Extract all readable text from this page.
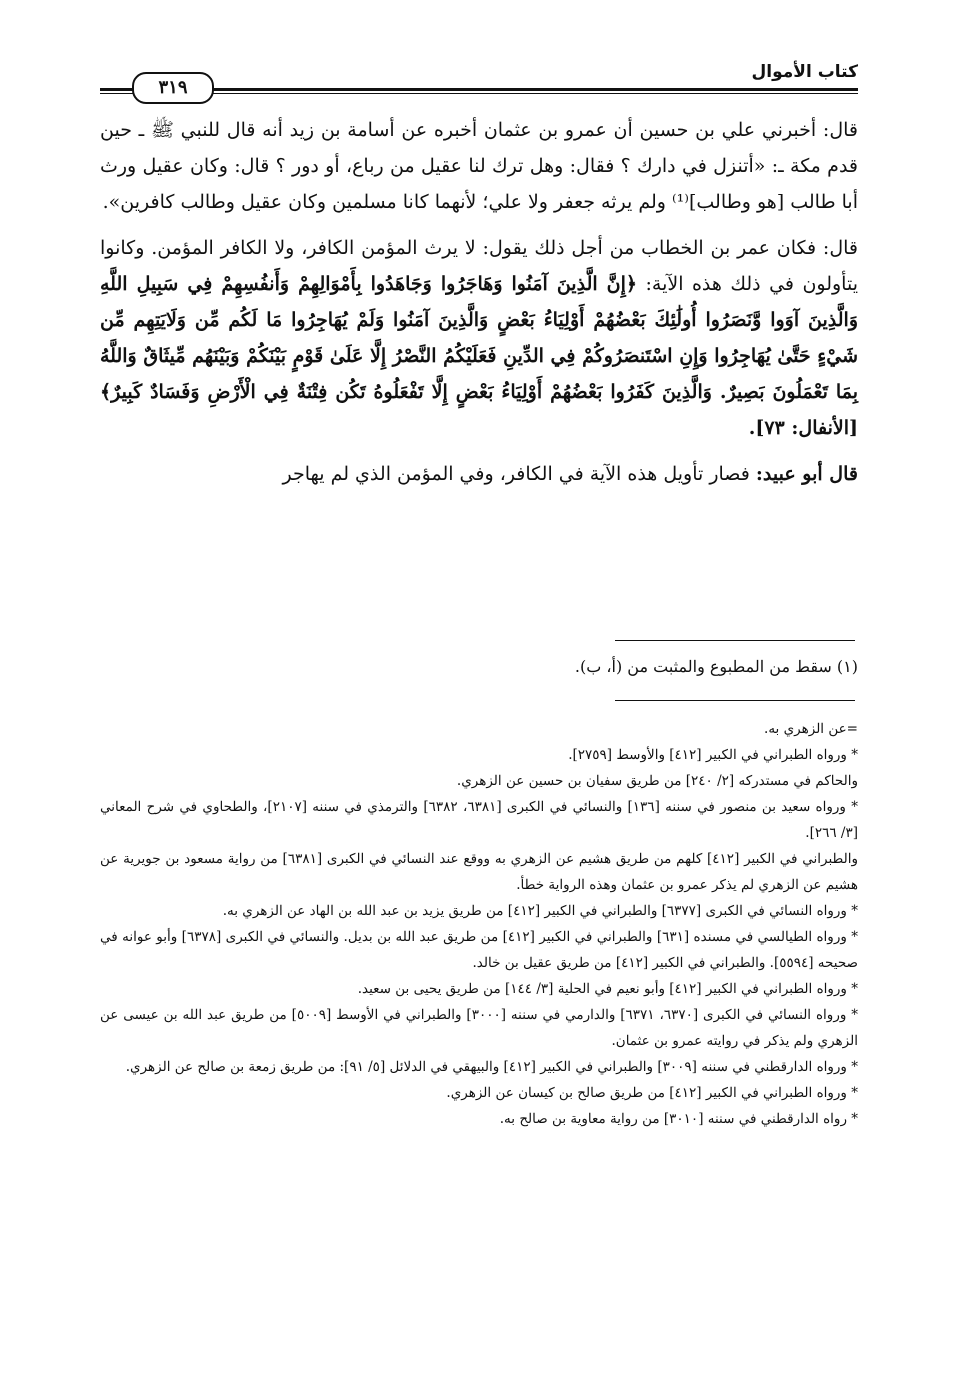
كتاب الأموال
٣١٩

قال: أخبرني علي بن حسين أن عمرو بن عثمان أخبره عن أسامة بن زيد أنه قال للنبي ﷺ ـ حين قدم مكة ـ: «أتنزل في دارك ؟ فقال: وهل ترك لنا عقيل من رباع، أو دور ؟ قال: وكان عقيل ورث أبا طالب [هو وطالب]⁽¹⁾ ولم يرثه جعفر ولا علي؛ لأنهما كانا مسلمين وكان عقيل وطالب كافرين».

قال: فكان عمر بن الخطاب من أجل ذلك يقول: لا يرث المؤمن الكافر، ولا الكافر المؤمن. وكانوا يتأولون في ذلك هذه الآية: ﴿إِنَّ الَّذِينَ آمَنُوا وَهَاجَرُوا وَجَاهَدُوا بِأَمْوَالِهِمْ وَأَنفُسِهِمْ فِي سَبِيلِ اللَّهِ وَالَّذِينَ آوَوا وَّنَصَرُوا أُولَٰئِكَ بَعْضُهُمْ أَوْلِيَاءُ بَعْضٍ وَالَّذِينَ آمَنُوا وَلَمْ يُهَاجِرُوا مَا لَكُم مِّن وَلَايَتِهِم مِّن شَيْءٍ حَتَّىٰ يُهَاجِرُوا وَإِنِ اسْتَنصَرُوكُمْ فِي الدِّينِ فَعَلَيْكُمُ النَّصْرُ إِلَّا عَلَىٰ قَوْمٍ بَيْنَكُمْ وَبَيْنَهُم مِّيثَاقٌ وَاللَّهُ بِمَا تَعْمَلُونَ بَصِيرٌ. وَالَّذِينَ كَفَرُوا بَعْضُهُمْ أَوْلِيَاءُ بَعْضٍ إِلَّا تَفْعَلُوهُ تَكُن فِتْنَةٌ فِي الْأَرْضِ وَفَسَادٌ كَبِيرٌ﴾ [الأنفال: ٧٣].

قال أبو عبيد: فصار تأويل هذه الآية في الكافر، وفي المؤمن الذي لم يهاجر

(١) سقط من المطبوع والمثبت من (أ، ب).

=عن الزهري به.

* ورواه الطبراني في الكبير [٤١٢] والأوسط [٢٧٥٩].

والحاكم في مستدركه [٢/ ٢٤٠] من طريق سفيان بن حسين عن الزهري.

* ورواه سعيد بن منصور في سننه [١٣٦] والنسائي في الكبرى [٦٣٨١، ٦٣٨٢] والترمذي في سننه [٢١٠٧]، والطحاوي في شرح المعاني [٣/ ٢٦٦].

والطبراني في الكبير [٤١٢] كلهم من طريق هشيم عن الزهري به ووقع عند النسائي في الكبرى [٦٣٨١] من رواية مسعود بن جويرية عن هشيم عن الزهري لم يذكر عمرو بن عثمان وهذه الرواية خطأ.

* ورواه النسائي في الكبرى [٦٣٧٧] والطبراني في الكبير [٤١٢] من طريق يزيد بن عبد الله بن الهاد عن الزهري به.

* ورواه الطيالسي في مسنده [٦٣١] والطبراني في الكبير [٤١٢] من طريق عبد الله بن بديل. والنسائي في الكبرى [٦٣٧٨] وأبو عوانه في صحيحه [٥٥٩٤]. والطبراني في الكبير [٤١٢] من طريق عقيل بن خالد.

* ورواه الطبراني في الكبير [٤١٢] وأبو نعيم في الحلية [٣/ ١٤٤] من طريق يحيى بن سعيد.

* ورواه النسائي في الكبرى [٦٣٧٠، ٦٣٧١] والدارمي في سننه [٣٠٠٠] والطبراني في الأوسط [٥٠٠٩] من طريق عبد الله بن عيسى عن الزهري ولم يذكر في روايته عمرو بن عثمان.

* ورواه الدارقطني في سننه [٣٠٠٩] والطبراني في الكبير [٤١٢] والبيهقي في الدلائل [٥/ ٩١]: من طريق زمعة بن صالح عن الزهري.

* ورواه الطبراني في الكبير [٤١٢] من طريق صالح بن كيسان عن الزهري.

* رواه الدارقطني في سننه [٣٠١٠] من رواية معاوية بن صالح به.
